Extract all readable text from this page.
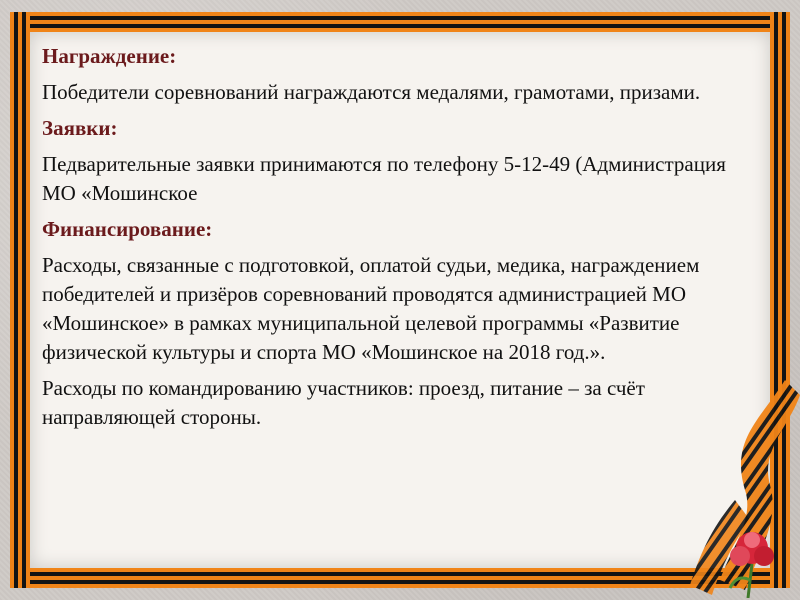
Награждение:

Победители соревнований награждаются медалями, грамотами, призами.

Заявки:

Педварительные заявки принимаются по телефону 5-12-49 (Администрация МО «Мошинское

Финансирование:

Расходы, связанные с подготовкой, оплатой судьи, медика, награждением победителей и призёров соревнований проводятся администрацией МО «Мошинское» в рамках муниципальной целевой программы «Развитие физической культуры и спорта МО «Мошинское на 2018 год.».

Расходы по командированию участников: проезд, питание – за счёт направляющей стороны.
